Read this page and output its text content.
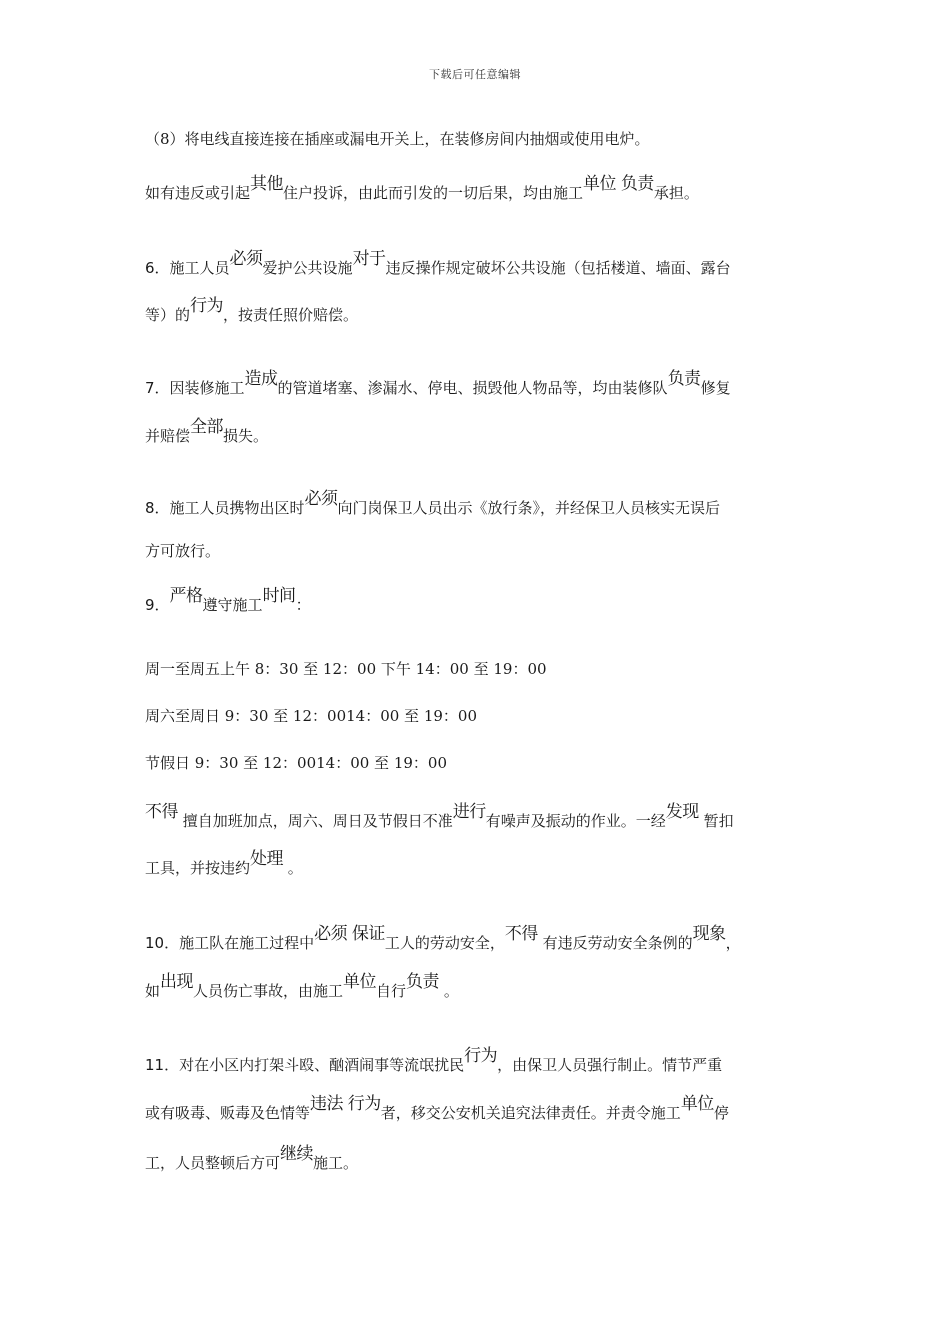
下载后可任意编辑
（8）将电线直接连接在插座或漏电开关上，在装修房间内抽烟或使用电炉。
如有违反或引起其他住户投诉，由此而引发的一切后果，均由施工单位 负责承担。
6．施工人员必须爱护公共设施对于违反操作规定破坏公共设施（包括楼道、墙面、露台
等）的行为，按责任照价赔偿。
7．因装修施工造成的管道堵塞、渗漏水、停电、损毁他人物品等，均由装修队负责修复
并赔偿全部损失。
8．施工人员携物出区时必须向门岗保卫人员出示《放行条》，并经保卫人员核实无误后
方可放行。
9．严格遵守施工时间：
周一至周五上午 8：30 至 12：00 下午 14：00 至 19：00
周六至周日 9：30 至 12：0014：00 至 19：00
节假日 9：30 至 12：0014：00 至 19：00
不得 擅自加班加点，周六、周日及节假日不准进行有噪声及振动的作业。一经发现 暂扣
工具，并按违约处理 。
10．施工队在施工过程中必须 保证工人的劳动安全，不得 有违反劳动安全条例的现象，
如出现人员伤亡事故，由施工单位自行负责 。
11．对在小区内打架斗殴、酗酒闹事等流氓扰民行为，由保卫人员强行制止。情节严重
或有吸毒、贩毒及色情等违法 行为者，移交公安机关追究法律责任。并责令施工单位停
工，人员整顿后方可继续施工。
